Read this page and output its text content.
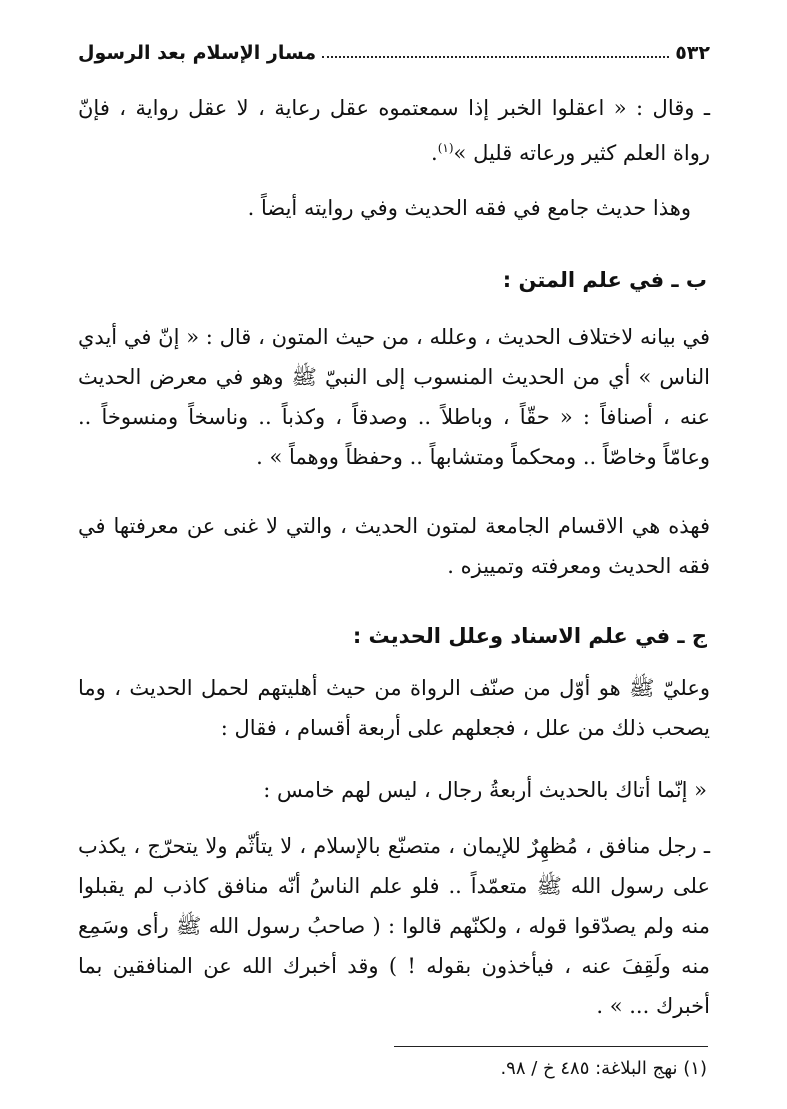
٥٣٢
مسار الإسلام بعد الرسول
ـ وقال : « اعقلوا الخبر إذا سمعتموه عقل رعاية ، لا عقل رواية ، فإنّ رواة العلم كثير ورعاته قليل »$^{(١)}$.
وهذا حديث جامع في فقه الحديث وفي روايته أيضاً .
ب ـ في علم المتن :
في بيانه لاختلاف الحديث ، وعلله ، من حيث المتون ، قال : « إنّ في أيدي الناس » أي من الحديث المنسوب إلى النبيّ ﷺ وهو في معرض الحديث عنه ، أصنافاً : « حقّاً ، وباطلاً .. وصدقاً ، وكذباً .. وناسخاً ومنسوخاً .. وعامّاً وخاصّاً .. ومحكماً ومتشابهاً .. وحفظاً ووهماً » .
فهذه هي الاقسام الجامعة لمتون الحديث ، والتي لا غنى عن معرفتها في فقه الحديث ومعرفته وتمييزه .
ج ـ في علم الاسناد وعلل الحديث :
وعليّ ﷺ هو أوّل من صنّف الرواة من حيث أهليتهم لحمل الحديث ، وما يصحب ذلك من علل ، فجعلهم على أربعة أقسام ، فقال :
« إنّما أتاك بالحديث أربعةُ رجال ، ليس لهم خامس :
ـ رجل منافق ، مُظهِرٌ للإيمان ، متصنّع بالإسلام ، لا يتأثّم ولا يتحرّج ، يكذب على رسول الله ﷺ متعمّداً .. فلو علم الناسُ أنّه منافق كاذب لم يقبلوا منه ولم يصدّقوا قوله ، ولكنّهم قالوا : ( صاحبُ رسول الله ﷺ رأى وسَمِع منه ولَقِفَ عنه ، فيأخذون بقوله ! ) وقد أخبرك الله عن المنافقين بما أخبرك ... » .
(١) نهج البلاغة: ٤٨٥ خ / ٩٨.
